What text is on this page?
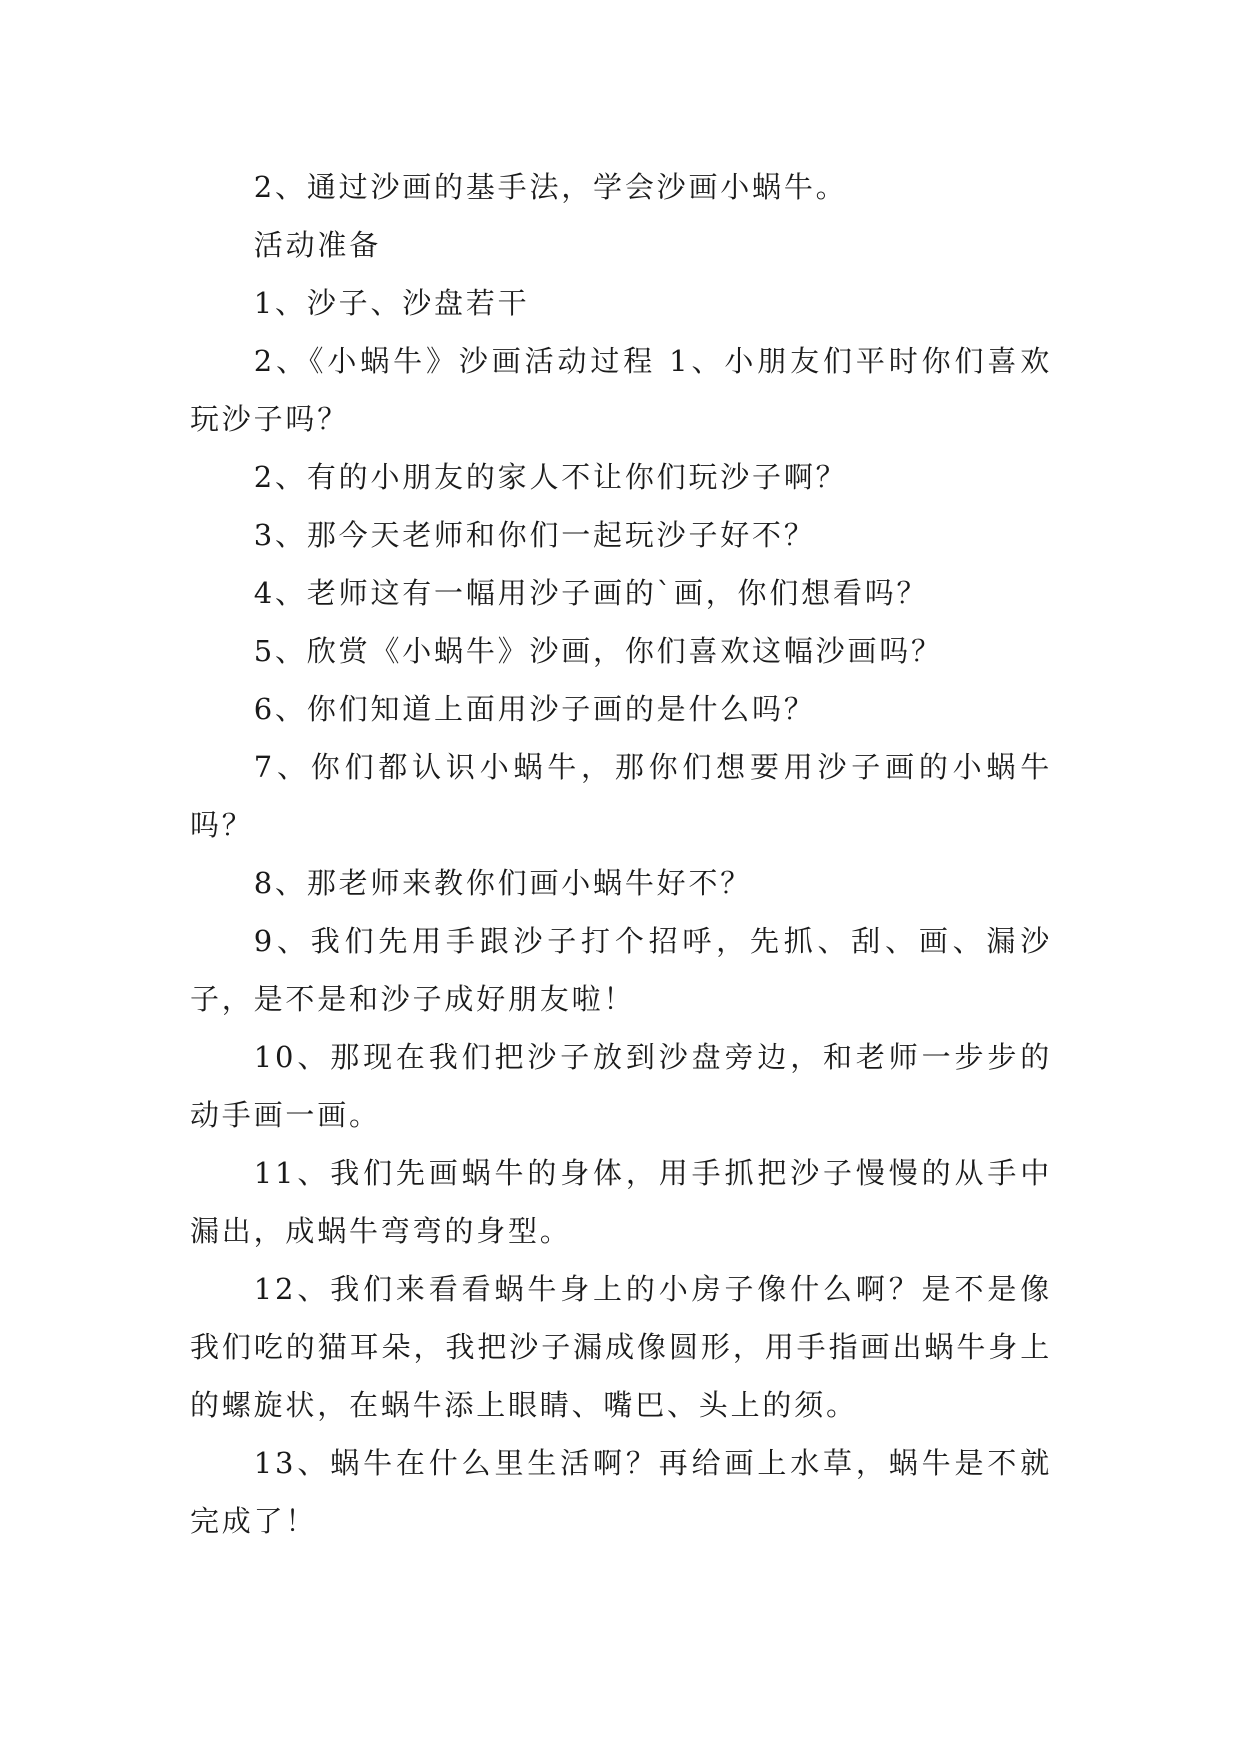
2、通过沙画的基手法，学会沙画小蜗牛。

活动准备

1、沙子、沙盘若干

2、《小蜗牛》沙画活动过程 1、小朋友们平时你们喜欢玩沙子吗？

2、有的小朋友的家人不让你们玩沙子啊？

3、那今天老师和你们一起玩沙子好不？

4、老师这有一幅用沙子画的`画，你们想看吗？

5、欣赏《小蜗牛》沙画，你们喜欢这幅沙画吗？

6、你们知道上面用沙子画的是什么吗？

7、你们都认识小蜗牛，那你们想要用沙子画的小蜗牛吗？

8、那老师来教你们画小蜗牛好不？

9、我们先用手跟沙子打个招呼，先抓、刮、画、漏沙子，是不是和沙子成好朋友啦！

10、那现在我们把沙子放到沙盘旁边，和老师一步步的动手画一画。

11、我们先画蜗牛的身体，用手抓把沙子慢慢的从手中漏出，成蜗牛弯弯的身型。

12、我们来看看蜗牛身上的小房子像什么啊？是不是像我们吃的猫耳朵，我把沙子漏成像圆形，用手指画出蜗牛身上的螺旋状，在蜗牛添上眼睛、嘴巴、头上的须。

13、蜗牛在什么里生活啊？再给画上水草，蜗牛是不就完成了！
